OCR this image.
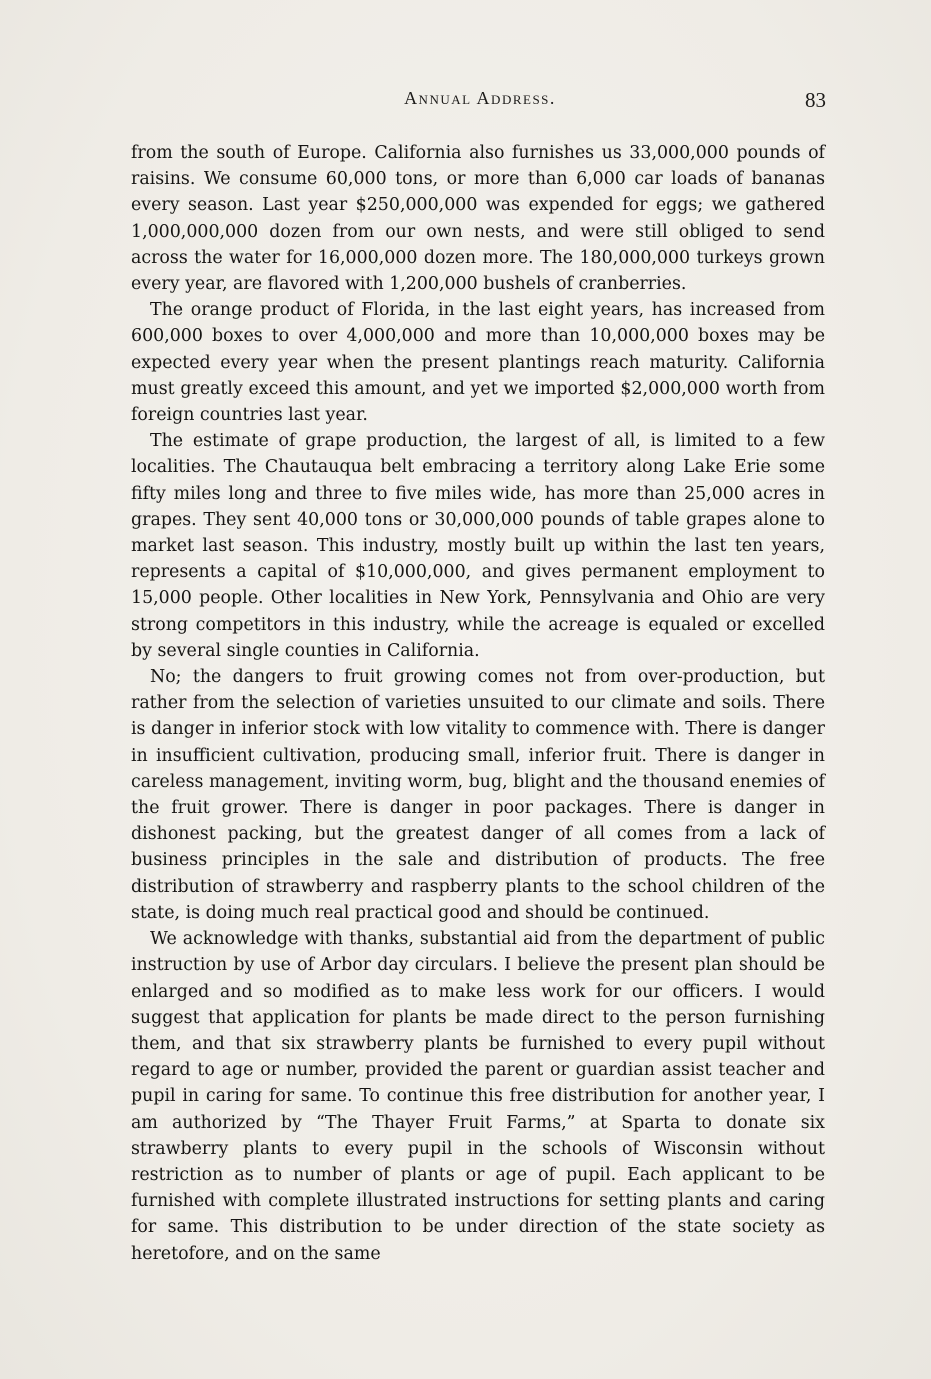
Annual Address.	83

from the south of Europe. California also furnishes us 33,000,000 pounds of raisins. We consume 60,000 tons, or more than 6,000 car loads of bananas every season. Last year $250,000,000 was expended for eggs; we gathered 1,000,000,000 dozen from our own nests, and were still obliged to send across the water for 16,000,000 dozen more. The 180,000,000 turkeys grown every year, are flavored with 1,200,000 bushels of cranberries.

The orange product of Florida, in the last eight years, has increased from 600,000 boxes to over 4,000,000 and more than 10,000,000 boxes may be expected every year when the present plantings reach maturity. California must greatly exceed this amount, and yet we imported $2,000,000 worth from foreign countries last year.

The estimate of grape production, the largest of all, is limited to a few localities. The Chautauqua belt embracing a territory along Lake Erie some fifty miles long and three to five miles wide, has more than 25,000 acres in grapes. They sent 40,000 tons or 30,000,000 pounds of table grapes alone to market last season. This industry, mostly built up within the last ten years, represents a capital of $10,000,000, and gives permanent employment to 15,000 people. Other localities in New York, Pennsylvania and Ohio are very strong competitors in this industry, while the acreage is equaled or excelled by several single counties in California.

No; the dangers to fruit growing comes not from over-production, but rather from the selection of varieties unsuited to our climate and soils. There is danger in inferior stock with low vitality to commence with. There is danger in insufficient cultivation, producing small, inferior fruit. There is danger in careless management, inviting worm, bug, blight and the thousand enemies of the fruit grower. There is danger in poor packages. There is danger in dishonest packing, but the greatest danger of all comes from a lack of business principles in the sale and distribution of products. The free distribution of strawberry and raspberry plants to the school children of the state, is doing much real practical good and should be continued.

We acknowledge with thanks, substantial aid from the department of public instruction by use of Arbor day circulars. I believe the present plan should be enlarged and so modified as to make less work for our officers. I would suggest that application for plants be made direct to the person furnishing them, and that six strawberry plants be furnished to every pupil without regard to age or number, provided the parent or guardian assist teacher and pupil in caring for same. To continue this free distribution for another year, I am authorized by “The Thayer Fruit Farms,” at Sparta to donate six strawberry plants to every pupil in the schools of Wisconsin without restriction as to number of plants or age of pupil. Each applicant to be furnished with complete illustrated instructions for setting plants and caring for same. This distribution to be under direction of the state society as heretofore, and on the same
